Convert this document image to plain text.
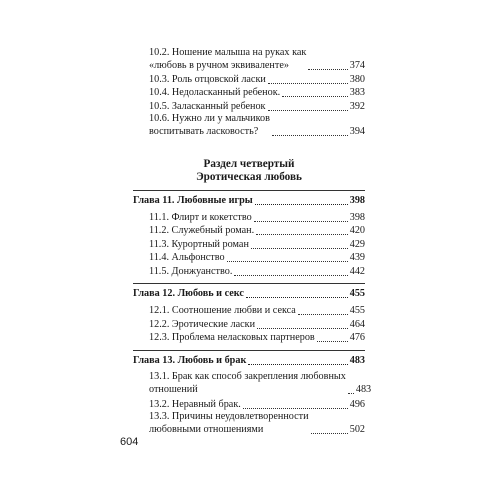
10.2. Ношение малыша на руках как
«любовь в ручном эквиваленте»	374
10.3. Роль отцовской ласки	380
10.4. Недоласканный ребенок.	383
10.5. Заласканный ребенок	392
10.6. Нужно ли у мальчиков
воспитывать ласковость?	394
Раздел четвертый
Эротическая любовь
Глава 11. Любовные игры	398
11.1. Флирт и кокетство	398
11.2. Служебный роман.	420
11.3. Курортный роман	429
11.4. Альфонство	439
11.5. Донжуанство.	442
Глава 12. Любовь и секс	455
12.1. Соотношение любви и секса	455
12.2. Эротические ласки	464
12.3. Проблема неласковых партнеров	476
Глава 13. Любовь и брак	483
13.1. Брак как способ закрепления любовных
отношений	483
13.2. Неравный брак.	496
13.3. Причины неудовлетворенности
любовными отношениями	502
604
